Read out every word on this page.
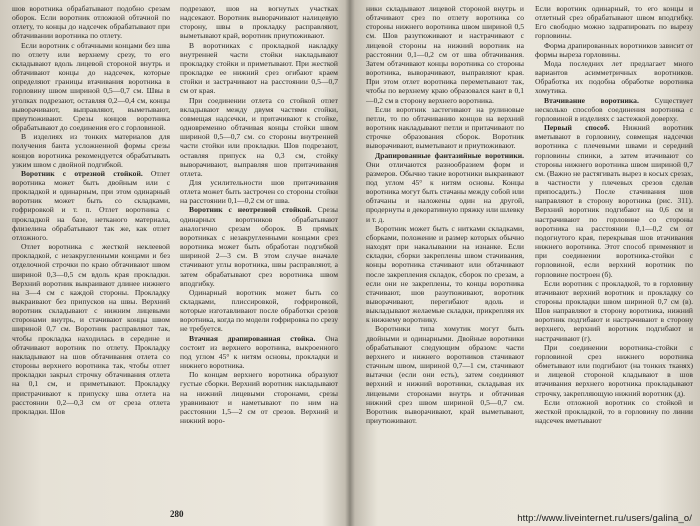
шов воротника обрабатывают подобно срезам оборок. Если воротник отложной обтачной по отлету, то концы до надсечек обрабатывают при обтачивании воротника по отлету.

Если воротник с обтачными концами без шва по отлету или верхнему срезу, то его складывают вдоль лицевой стороной внутрь и обтачивают концы до надсечек, которые определяют границы втачивания воротника в горловину швом шириной 0,5—0,7 см. Швы в уголках подрезают, оставляя 0,2—0,4 см, концы выворачивают, выправляют, выметывают, приутюживают. Срезы концов воротника обрабатывают до соединения его с горловиной.

В изделиях из тонких материалов для получения банта усложненной формы срезы концов воротника рекомендуется обрабатывать узким швом с двойной подгибкой.

Воротник с отрезной стойкой. Отлет воротника может быть двойным или с прокладкой и одинарным, при этом одинарный воротник может быть со складками, гофрировкой и т. п. Отлет воротника с прокладкой на базе, нетканого материала, флизелина обрабатывают так же, как отлет отложного.

Отлет воротника с жесткой неклеевой прокладкой, с незакругленными концами и без отделочной строчки по краю обтачивают швом шириной 0,3—0,5 см вдоль края прокладки. Верхний воротник выкраивают длинее нижнего на 3—4 см с каждой стороны. Прокладку выкраивают без припусков на швы. Верхний воротник складывают с нижним лицевыми сторонами внутрь, и стачивают концы швом шириной 0,7 см. Воротник расправляют так, чтобы прокладка находилась в середине и обтачивают воротник по отлету. Прокладку накладывают на шов обтачивания отлета со стороны верхнего воротника так, чтобы отлет прокладки закрыл строчку обтачивания отлета на 0,1 см, и приметывают. Прокладку пристрачивают к припуску шва отлета на расстоянии 0,2—0,3 см от среза отлета прокладки. Шов

подрезают, шов на вогнутых участках надсекают. Воротник выворачивают налицевую сторону, швы в прокладку расправляют, выметывают край, воротник приутюживают.

В воротниках с прокладкой накладку внутренней части стойки накладывают прокладку стойки и приметывают. При жесткой прокладке ее нижний срез огибают краем стойки и застрачивают на расстоянии 0,5—0,7 см от края.

При соединении отлета со стойкой отлет вкладывают между двумя частями стойки, совмещая надсечки, и притачивают к стойке, одновременно обтачивая концы стойки швом шириной 0,5—0,7 см. со стороны внутренней части стойки или прокладки. Шов подрезают, оставляя припуск на 0,3 см, стойку выворачивают, выправляя шов притачивания отлета.

Для усилительности шов притачивания отлета может быть застрочен со стороны стойки на расстоянии 0,1—0,2 см от шва.

Воротник с неотрезной стойкой. Срезы одинарных воротников обрабатывают аналогично срезам оборок. В прямых воротниках с незакругленными концами срез воротника может быть обработан подгибкой шириной 2—3 см. В этом случае вначале стачивают углы воротника, швы расправляют, а затем обрабатывают срез воротника швом вподгибку.

Одинарный воротник может быть со складками, плиссировкой, гофрировкой, которые изготавливают после обработки срезов воротника, когда по модели гофрировка по срезу не требуется.

Втачная драпированная стойка. Она состоит из верхнего воротника, выкроенного под углом 45° к нитям основы, прокладки и нижнего воротника.

По концам верхнего воротника образуют густые сборки. Верхний воротник накладывают на нижний лицевыми сторонами, срезы уравнивают и наметывают по ним на расстоянии 1,5—2 см от срезов. Верхний и нижний воро-

280

ники складывают лицевой стороной внутрь и обтачивают срез по отлету воротника со стороны нижнего воротника швом шириной 0,5 см. Шов разутюживают и настрачивают с лицевой стороны на нижний воротник на расстоянии 0,1—0,2 см от шва обтачивания. Затем обтачивают концы воротника со стороны воротника, выворачивают, выправляют края. При этом отлет воротника переметывают так, чтобы по верхнему краю образовался кант в 0,1—0,2 см в сторону верхнего воротника.

Если воротник застегивают на рулиновые петли, то по обтачиванию концов на верхний воротник накладывают петли и притачивают по строчке образования сборок. Воротник выворачивают, выметывают и приутюживают.

Драпированные фантазийные воротники. Они отличаются разнообразием форм и размеров. Обычно такие воротники выкраивают под углом 45° к нитям основы. Концы воротника могут быть стачаны между собой или обтачаны и наложены один на другой, продернуты в декоративную пряжку или шлевку и т. д.

Воротник может быть с нитками складками, сборками, положение и размер которых обычно находят при накалывании на изнанке. Если складки, сборки закреплены швом стачивания, концы воротника стачивают или обтачивают после закрепления складок, сборок по срезам, а если они не закреплены, то концы воротника стачивают, шов разутюживают, воротник выворачивают, перегибают вдоль и выкладывают желаемые складки, прикрепляя их к нижнему воротнику.

Воротники типа хомутик могут быть двойными и одинарными. Двойные воротники обрабатывают следующим образом: части верхнего и нижнего воротников стачивают стачным швом, шириной 0,7—1 см, стачивают вытачки (если они есть), затем соединяют верхний и нижний воротники, складывая их лицевыми сторонами внутрь и обтачивая нижний срез швом шириной 0,5—0,7 см. Воротник выворачивают, край выметывают, приутюживают.

Если воротник одинарный, то его концы и отлетный срез обрабатывают швом вподгибку. Его свободно можно задрапировать по вырезу горловины.

Форма драпированных воротников зависит от формы выреза горловины.

Мода последних лет предлагает много вариантов асимметричных воротников. Обработка их подобна обработке воротника хомутика.

Втачивание воротника. Существует несколько способов соединения воротника с горловиной в изделиях с застежкой доверху.

Первый способ. Нижний воротник вметывают в горловину, совмещая надсечки воротника с плечевыми швами и середний горловины спинки, а затем втачивают со стороны нижнего воротника швом шириной 0,7 см. (Важно не растягивать вырез в косых срезах, в частности у плечевых срезов сделав припосадить.) После стачивания шов направляют в сторону воротника (рис. 311). Верхний воротник подгибают на 0,6 см и настрачивают по горловине со стороны воротника на расстоянии 0,1—0,2 см от подогнутого края, перекрывая шов втачивания нижнего воротника. Этот способ применяют и при соединении воротника-стойки с горловиной, если верхний воротник по горловине построен (б).

Если воротник с прокладкой, то в горловину втачивают верхний воротник и прокладку со стороны прокладки швом шириной 0,7 см (в). Шов направляют в сторону воротника, нижний воротник подгибают и настрачивают в сторону верхнего, верхний воротник подгибают и настрачивают (г).

При соединении воротника-стойки с горловиной срез нижнего воротника обметывают или подгибают (на тонких тканях) и лицевой стороной кладывают в шов втачивания верхнего воротника прокладывают строчку, закрепляющую нижний воротник (д).

Если отложной воротник со стойкой и жесткой прокладкой, то в горловину по линии надсечек вметывают

http://www.liveinternet.ru/users/galina_o/
